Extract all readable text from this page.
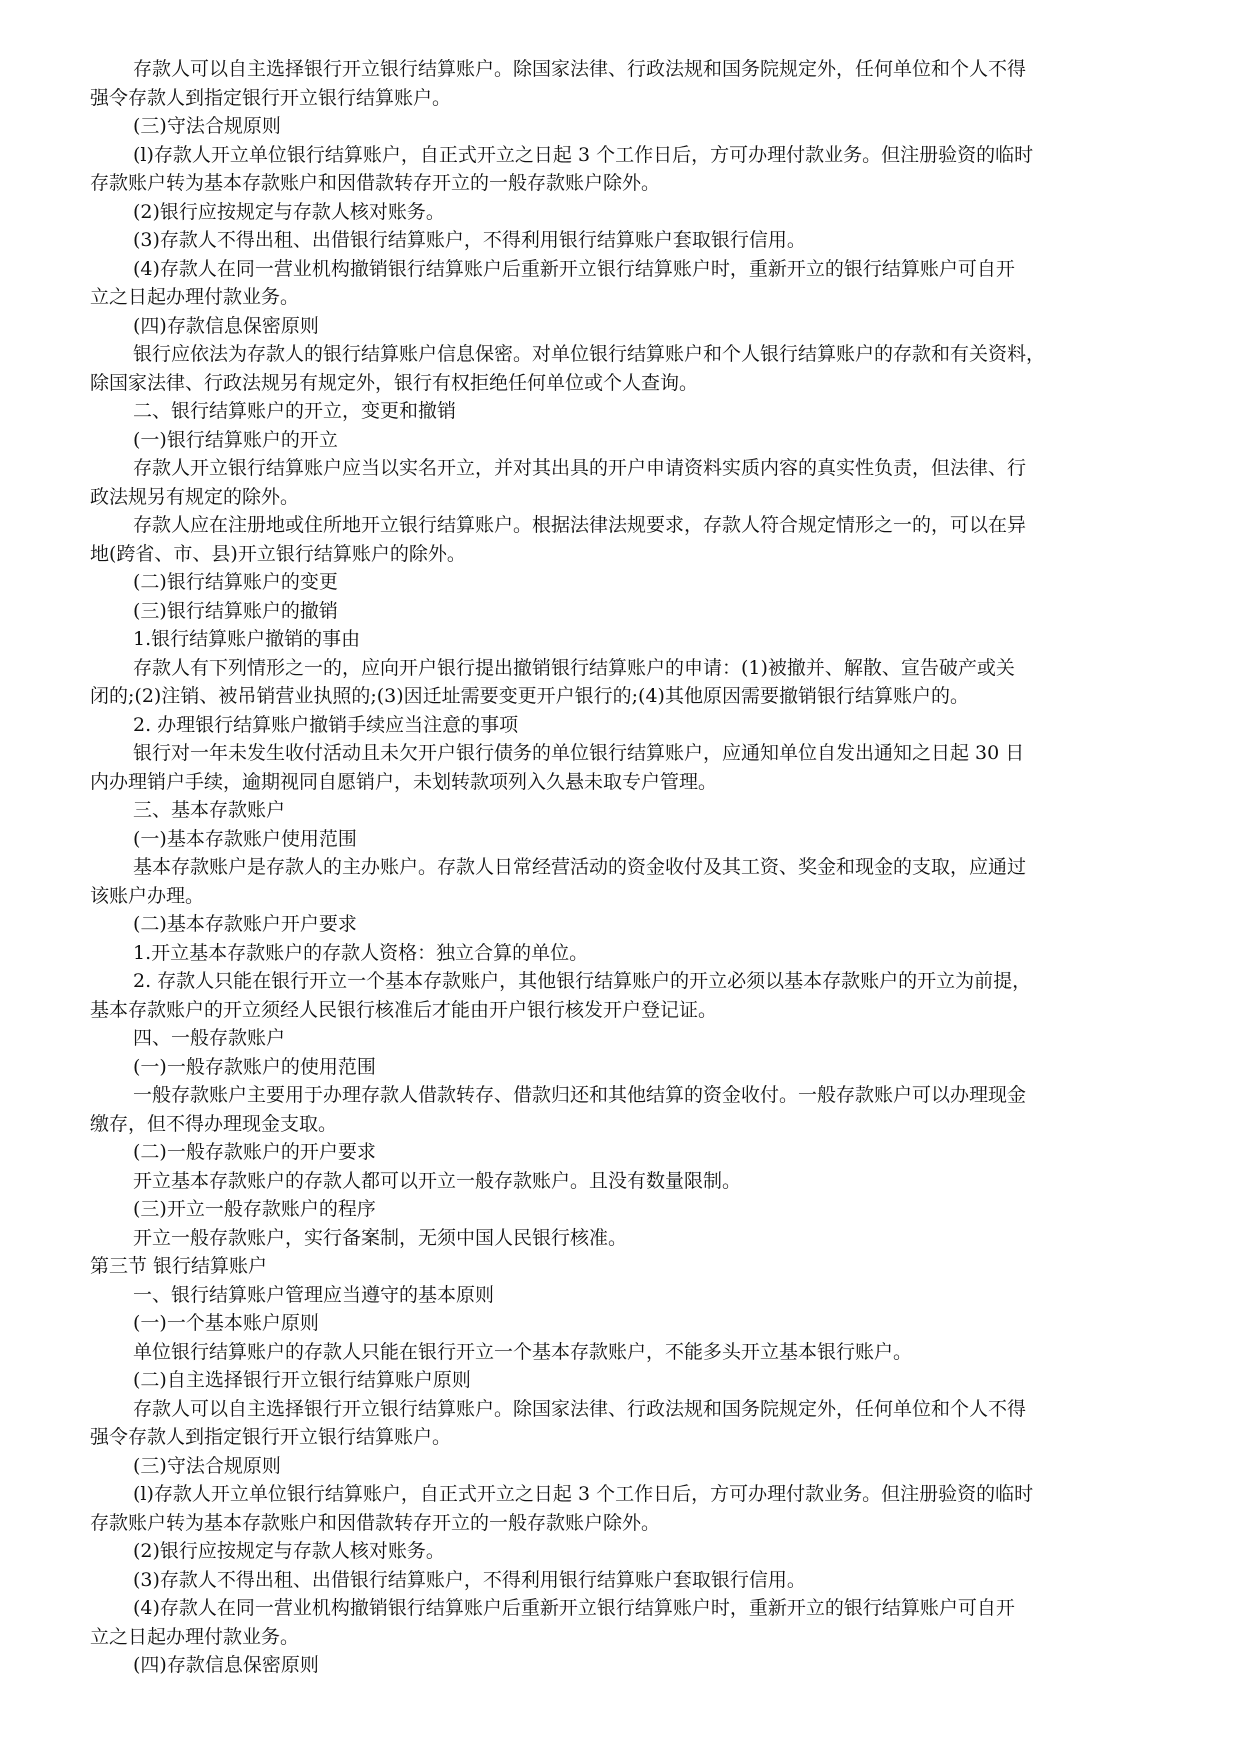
存款人可以自主选择银行开立银行结算账户。除国家法律、行政法规和国务院规定外，任何单位和个人不得

强令存款人到指定银行开立银行结算账户。

(三)守法合规原则

(l)存款人开立单位银行结算账户，自正式开立之日起 3 个工作日后，方可办理付款业务。但注册验资的临时

存款账户转为基本存款账户和因借款转存开立的一般存款账户除外。

(2)银行应按规定与存款人核对账务。

(3)存款人不得出租、出借银行结算账户，不得利用银行结算账户套取银行信用。

(4)存款人在同一营业机构撤销银行结算账户后重新开立银行结算账户时，重新开立的银行结算账户可自开

立之日起办理付款业务。

(四)存款信息保密原则

银行应依法为存款人的银行结算账户信息保密。对单位银行结算账户和个人银行结算账户的存款和有关资料，

除国家法律、行政法规另有规定外，银行有权拒绝任何单位或个人查询。

二、银行结算账户的开立，变更和撤销

(一)银行结算账户的开立

存款人开立银行结算账户应当以实名开立，并对其出具的开户申请资料实质内容的真实性负责，但法律、行

政法规另有规定的除外。

存款人应在注册地或住所地开立银行结算账户。根据法律法规要求，存款人符合规定情形之一的，可以在异

地(跨省、市、县)开立银行结算账户的除外。

(二)银行结算账户的变更

(三)银行结算账户的撤销

1.银行结算账户撤销的事由

存款人有下列情形之一的，应向开户银行提出撤销银行结算账户的申请：(1)被撤并、解散、宣告破产或关

闭的;(2)注销、被吊销营业执照的;(3)因迁址需要变更开户银行的;(4)其他原因需要撤销银行结算账户的。

2. 办理银行结算账户撤销手续应当注意的事项

银行对一年未发生收付活动且未欠开户银行债务的单位银行结算账户，应通知单位自发出通知之日起 30 日

内办理销户手续，逾期视同自愿销户，未划转款项列入久悬未取专户管理。

三、基本存款账户

(一)基本存款账户使用范围

基本存款账户是存款人的主办账户。存款人日常经营活动的资金收付及其工资、奖金和现金的支取，应通过

该账户办理。

(二)基本存款账户开户要求

1.开立基本存款账户的存款人资格：独立合算的单位。

2. 存款人只能在银行开立一个基本存款账户，其他银行结算账户的开立必须以基本存款账户的开立为前提，

基本存款账户的开立须经人民银行核准后才能由开户银行核发开户登记证。

四、一般存款账户

(一)一般存款账户的使用范围

一般存款账户主要用于办理存款人借款转存、借款归还和其他结算的资金收付。一般存款账户可以办理现金

缴存，但不得办理现金支取。

(二)一般存款账户的开户要求

开立基本存款账户的存款人都可以开立一般存款账户。且没有数量限制。

(三)开立一般存款账户的程序

开立一般存款账户，实行备案制，无须中国人民银行核准。

第三节 银行结算账户

一、银行结算账户管理应当遵守的基本原则

(一)一个基本账户原则

单位银行结算账户的存款人只能在银行开立一个基本存款账户，不能多头开立基本银行账户。

(二)自主选择银行开立银行结算账户原则

存款人可以自主选择银行开立银行结算账户。除国家法律、行政法规和国务院规定外，任何单位和个人不得

强令存款人到指定银行开立银行结算账户。

(三)守法合规原则

(l)存款人开立单位银行结算账户，自正式开立之日起 3 个工作日后，方可办理付款业务。但注册验资的临时

存款账户转为基本存款账户和因借款转存开立的一般存款账户除外。

(2)银行应按规定与存款人核对账务。

(3)存款人不得出租、出借银行结算账户，不得利用银行结算账户套取银行信用。

(4)存款人在同一营业机构撤销银行结算账户后重新开立银行结算账户时，重新开立的银行结算账户可自开

立之日起办理付款业务。

(四)存款信息保密原则
